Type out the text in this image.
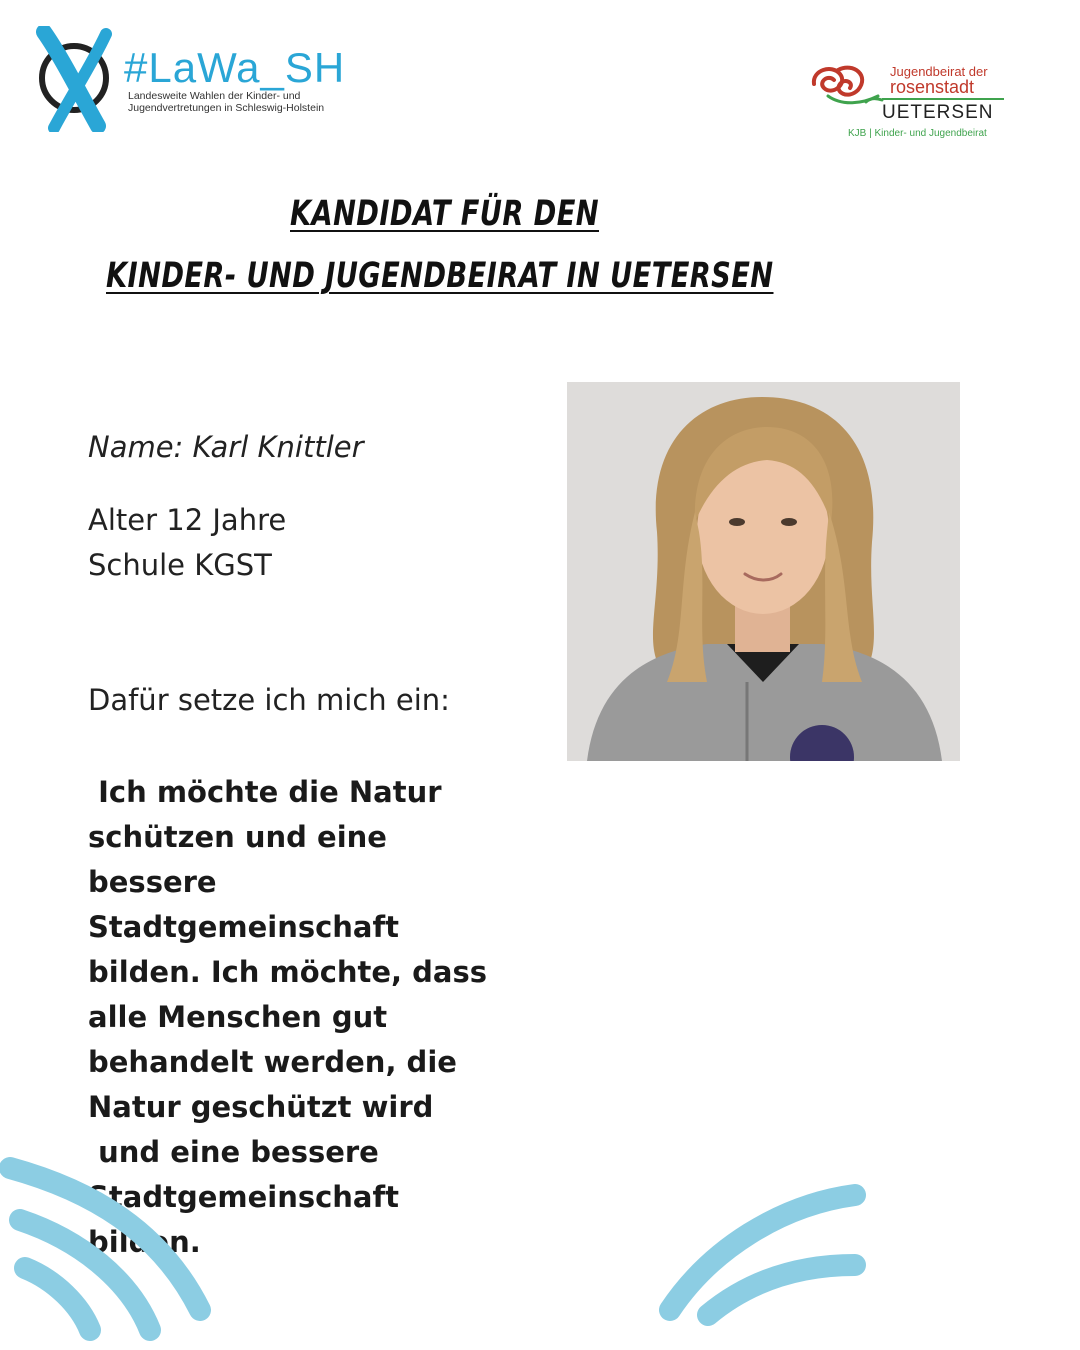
#LaWa_SH
Landesweite Wahlen der Kinder- und
Jugendvertretungen in Schleswig-Holstein
Jugendbeirat der
rosenstadt
UETERSEN
KJB | Kinder- und Jugendbeirat
KANDIDAT FÜR DEN
KINDER- UND JUGENDBEIRAT IN UETERSEN
Name: Karl Knittler
Alter 12 Jahre
Schule KGST
Dafür setze ich mich ein:
Ich möchte die Natur
schützen und eine
bessere
Stadtgemeinschaft
bilden. Ich möchte, dass
alle Menschen gut
behandelt werden, die
Natur geschützt wird
und eine bessere
Stadtgemeinschaft
bilden.
